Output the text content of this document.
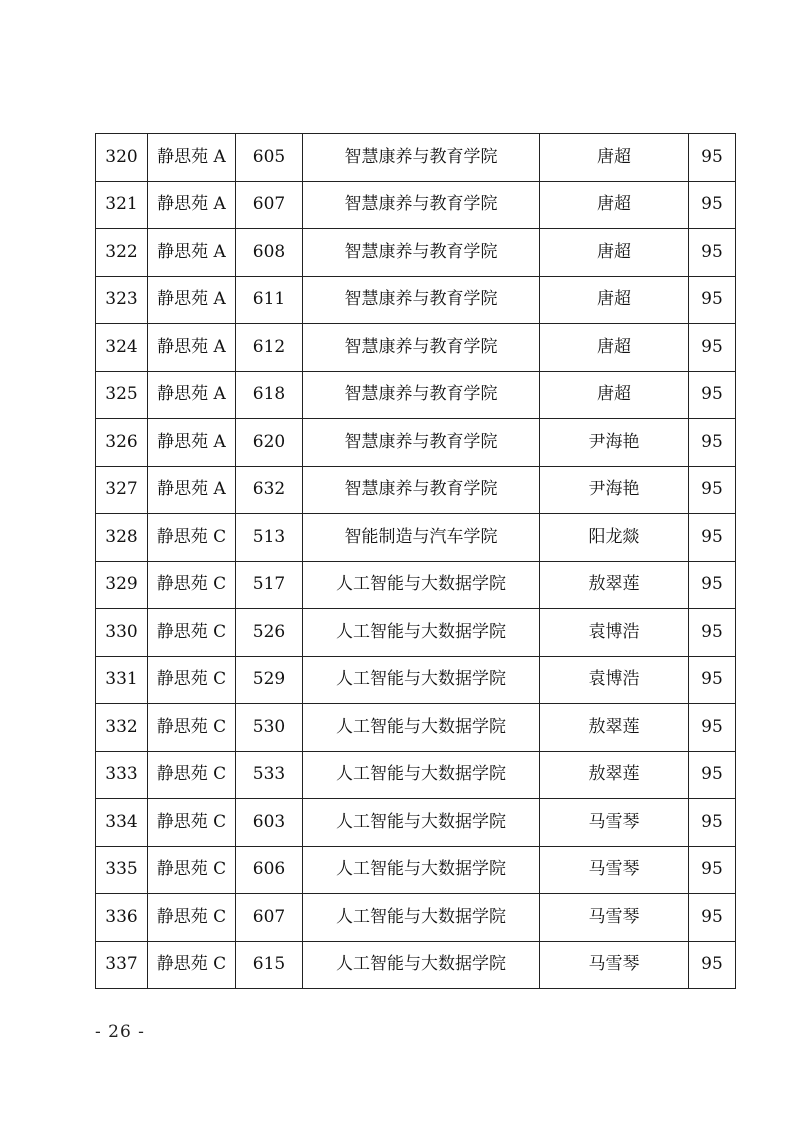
320	静思苑 A	605	智慧康养与教育学院	唐超	95
321	静思苑 A	607	智慧康养与教育学院	唐超	95
322	静思苑 A	608	智慧康养与教育学院	唐超	95
323	静思苑 A	611	智慧康养与教育学院	唐超	95
324	静思苑 A	612	智慧康养与教育学院	唐超	95
325	静思苑 A	618	智慧康养与教育学院	唐超	95
326	静思苑 A	620	智慧康养与教育学院	尹海艳	95
327	静思苑 A	632	智慧康养与教育学院	尹海艳	95
328	静思苑 C	513	智能制造与汽车学院	阳龙燚	95
329	静思苑 C	517	人工智能与大数据学院	敖翠莲	95
330	静思苑 C	526	人工智能与大数据学院	袁博浩	95
331	静思苑 C	529	人工智能与大数据学院	袁博浩	95
332	静思苑 C	530	人工智能与大数据学院	敖翠莲	95
333	静思苑 C	533	人工智能与大数据学院	敖翠莲	95
334	静思苑 C	603	人工智能与大数据学院	马雪琴	95
335	静思苑 C	606	人工智能与大数据学院	马雪琴	95
336	静思苑 C	607	人工智能与大数据学院	马雪琴	95
337	静思苑 C	615	人工智能与大数据学院	马雪琴	95
- 26 -
